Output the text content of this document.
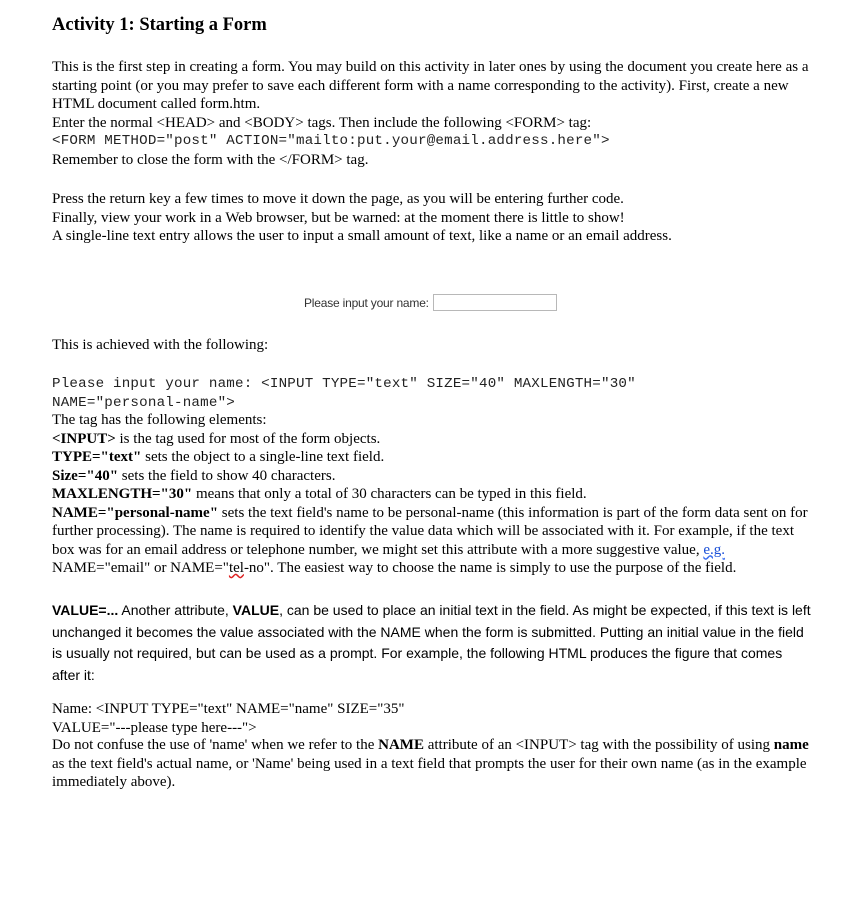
Activity 1: Starting a Form

This is the first step in creating a form. You may build on this activity in later ones by using the document you create here as a starting point (or you may prefer to save each different form with a name corresponding to the activity). First, create a new HTML document called form.htm.

Enter the normal <HEAD> and <BODY> tags. Then include the following <FORM> tag:

<FORM METHOD="post" ACTION="mailto:put.your@email.address.here">

Remember to close the form with the </FORM> tag.

Press the return key a few times to move it down the page, as you will be entering further code.

Finally, view your work in a Web browser, but be warned: at the moment there is little to show!

A single-line text entry allows the user to input a small amount of text, like a name or an email address.

Please input your name:
This is achieved with the following:

Please input your name: <INPUT TYPE="text" SIZE="40" MAXLENGTH="30"

NAME="personal-name">

The tag has the following elements:

<INPUT> is the tag used for most of the form objects.

TYPE="text" sets the object to a single-line text field.

Size="40" sets the field to show 40 characters.

MAXLENGTH="30" means that only a total of 30 characters can be typed in this field.

NAME="personal-name" sets the text field's name to be personal-name (this information is part of the form data sent on for further processing). The name is required to identify the value data which will be associated with it. For example, if the text box was for an email address or telephone number, we might set this attribute with a more suggestive value, e.g. NAME="email" or NAME="tel-no". The easiest way to choose the name is simply to use the purpose of the field.

VALUE=... Another attribute, VALUE, can be used to place an initial text in the field. As might be expected, if this text is left unchanged it becomes the value associated with the NAME when the form is submitted. Putting an initial value in the field is usually not required, but can be used as a prompt. For example, the following HTML produces the figure that comes after it:

Name: <INPUT TYPE="text" NAME="name" SIZE="35"

VALUE="---please type here---">

Do not confuse the use of 'name' when we refer to the NAME attribute of an <INPUT> tag with the possibility of using name as the text field's actual name, or 'Name' being used in a text field that prompts the user for their own name (as in the example immediately above).
